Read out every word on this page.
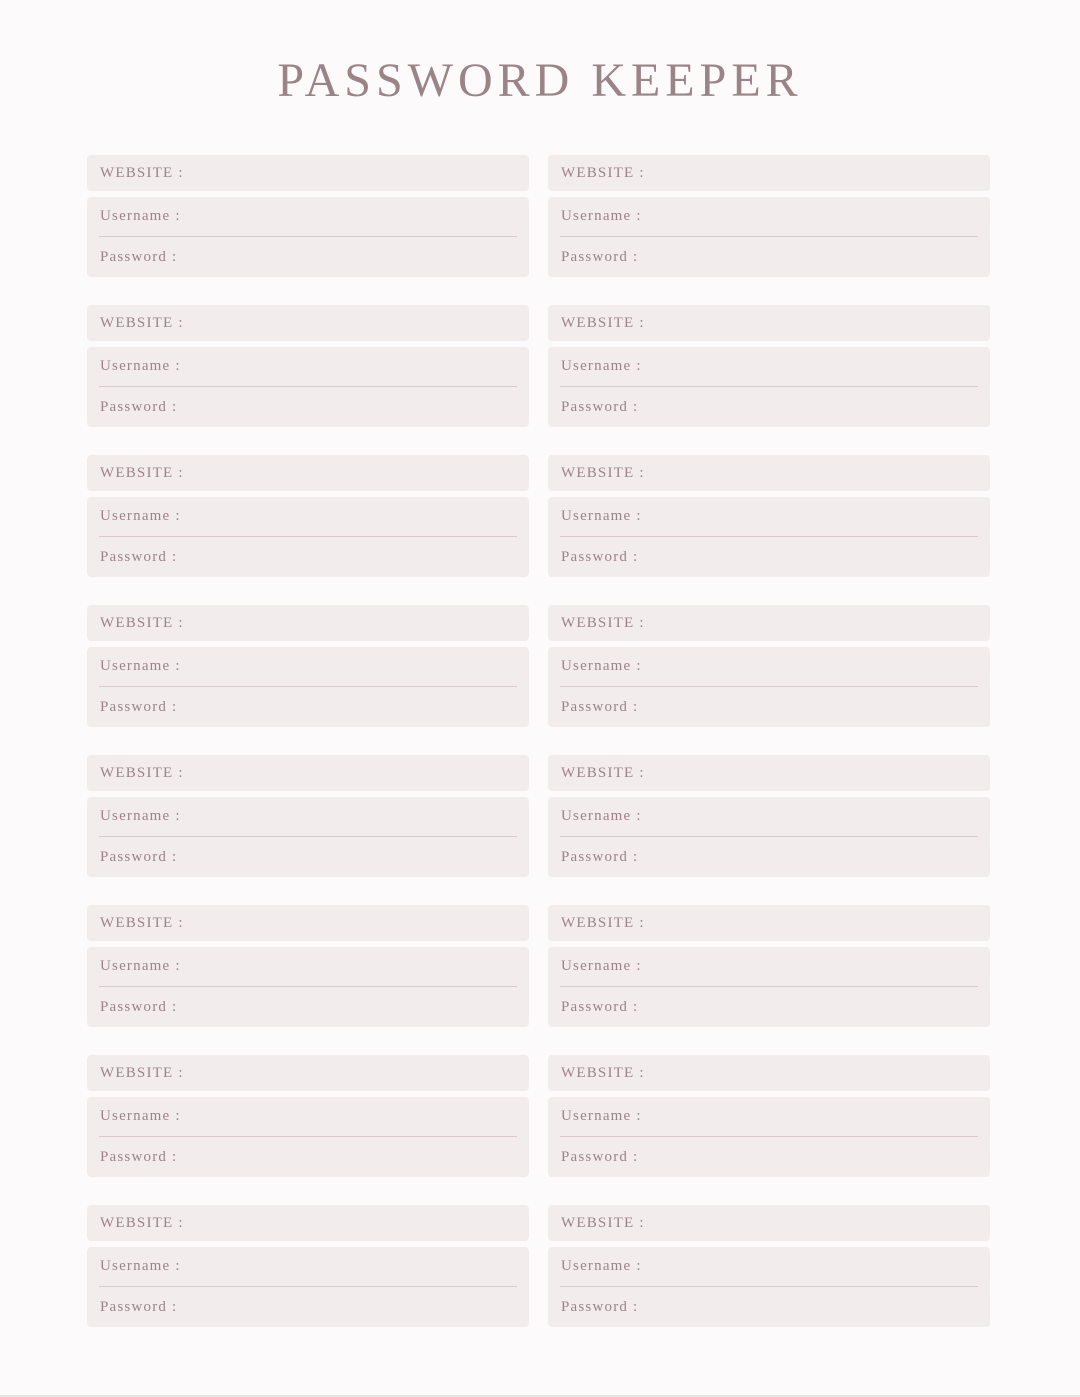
PASSWORD KEEPER
WEBSITE :
Username :
Password :
WEBSITE :
Username :
Password :
WEBSITE :
Username :
Password :
WEBSITE :
Username :
Password :
WEBSITE :
Username :
Password :
WEBSITE :
Username :
Password :
WEBSITE :
Username :
Password :
WEBSITE :
Username :
Password :
WEBSITE :
Username :
Password :
WEBSITE :
Username :
Password :
WEBSITE :
Username :
Password :
WEBSITE :
Username :
Password :
WEBSITE :
Username :
Password :
WEBSITE :
Username :
Password :
WEBSITE :
Username :
Password :
WEBSITE :
Username :
Password :
